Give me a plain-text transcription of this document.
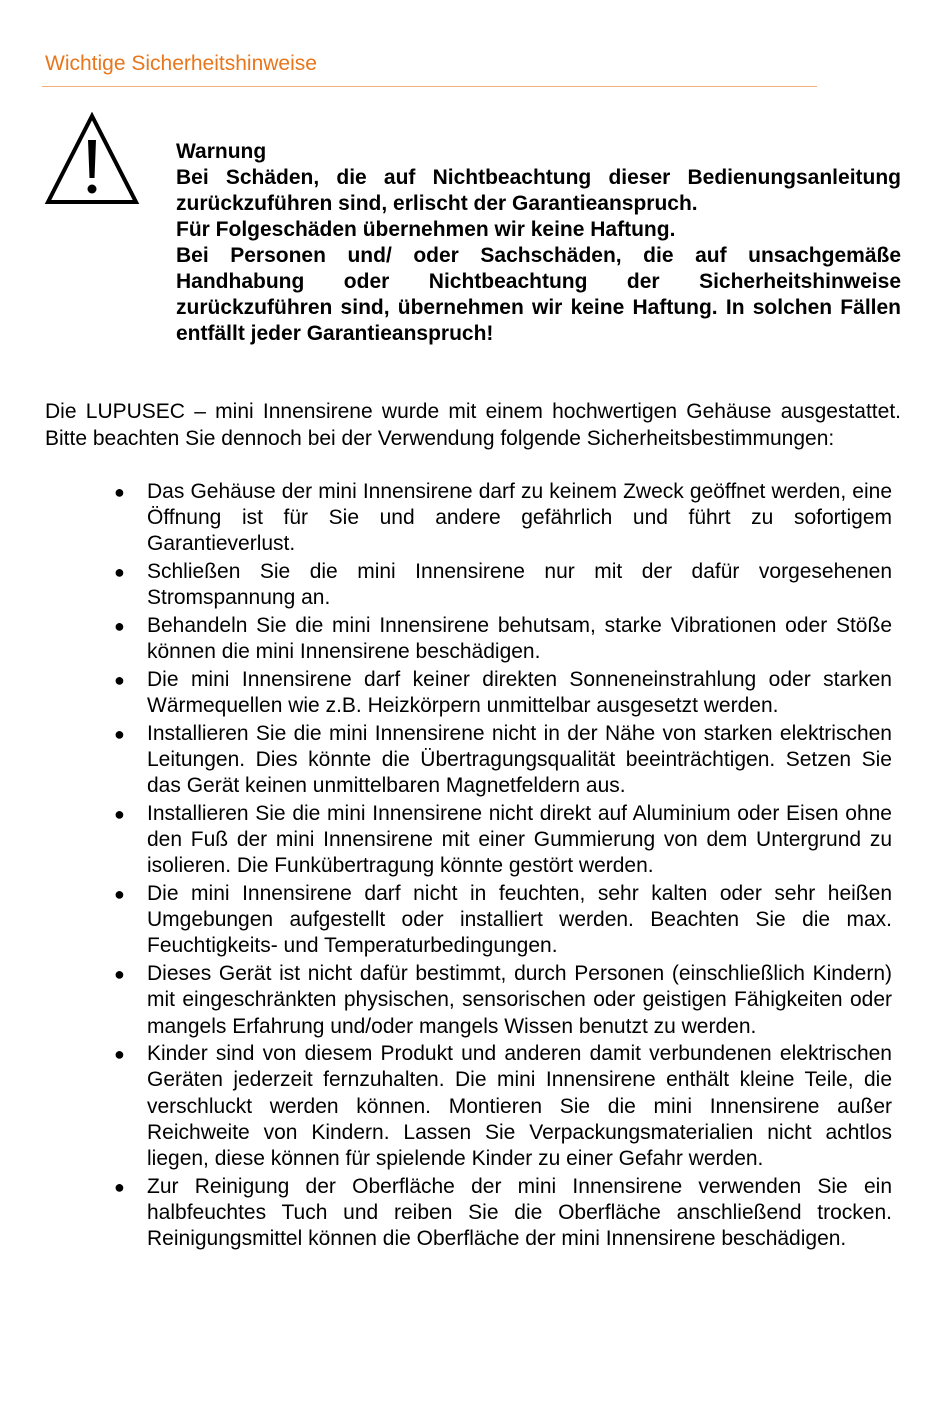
Wichtige Sicherheitshinweise

Warnung

Bei Schäden, die auf Nichtbeachtung dieser Bedienungsanleitung zurückzuführen sind, erlischt der Garantieanspruch.

Für Folgeschäden übernehmen wir keine Haftung.

Bei Personen und/ oder Sachschäden, die auf unsachgemäße Handhabung oder Nichtbeachtung der Sicherheitshinweise zurückzuführen sind, übernehmen wir keine Haftung. In solchen Fällen entfällt jeder Garantieanspruch!

Die LUPUSEC – mini Innensirene wurde mit einem hochwertigen Gehäuse ausgestattet. Bitte beachten Sie dennoch bei der Verwendung folgende Sicherheitsbestimmungen:
● Das Gehäuse der mini Innensirene darf zu keinem Zweck geöffnet werden, eine Öffnung ist für Sie und andere gefährlich und führt zu sofortigem Garantieverlust.
● Schließen Sie die mini Innensirene nur mit der dafür vorgesehenen Stromspannung an.
● Behandeln Sie die mini Innensirene behutsam, starke Vibrationen oder Stöße können die mini Innensirene beschädigen.
● Die mini Innensirene darf keiner direkten Sonneneinstrahlung oder starken Wärmequellen wie z.B. Heizkörpern unmittelbar ausgesetzt werden.
● Installieren Sie die mini Innensirene nicht in der Nähe von starken elektrischen Leitungen. Dies könnte die Übertragungsqualität beeinträchtigen. Setzen Sie das Gerät keinen unmittelbaren Magnetfeldern aus.
● Installieren Sie die mini Innensirene nicht direkt auf Aluminium oder Eisen ohne den Fuß der mini Innensirene mit einer Gummierung von dem Untergrund zu isolieren. Die Funkübertragung könnte gestört werden.
● Die mini Innensirene darf nicht in feuchten, sehr kalten oder sehr heißen Umgebungen aufgestellt oder installiert werden. Beachten Sie die max. Feuchtigkeits- und Temperaturbedingungen.
● Dieses Gerät ist nicht dafür bestimmt, durch Personen (einschließlich Kindern) mit eingeschränkten physischen, sensorischen oder geistigen Fähigkeiten oder mangels Erfahrung und/oder mangels Wissen benutzt zu werden.
● Kinder sind von diesem Produkt und anderen damit verbundenen elektrischen Geräten jederzeit fernzuhalten. Die mini Innensirene enthält kleine Teile, die verschluckt werden können. Montieren Sie die mini Innensirene außer Reichweite von Kindern. Lassen Sie Verpackungsmaterialien nicht achtlos liegen, diese können für spielende Kinder zu einer Gefahr werden.
● Zur Reinigung der Oberfläche der mini Innensirene verwenden Sie ein halbfeuchtes Tuch und reiben Sie die Oberfläche anschließend trocken. Reinigungsmittel können die Oberfläche der mini Innensirene beschädigen.
